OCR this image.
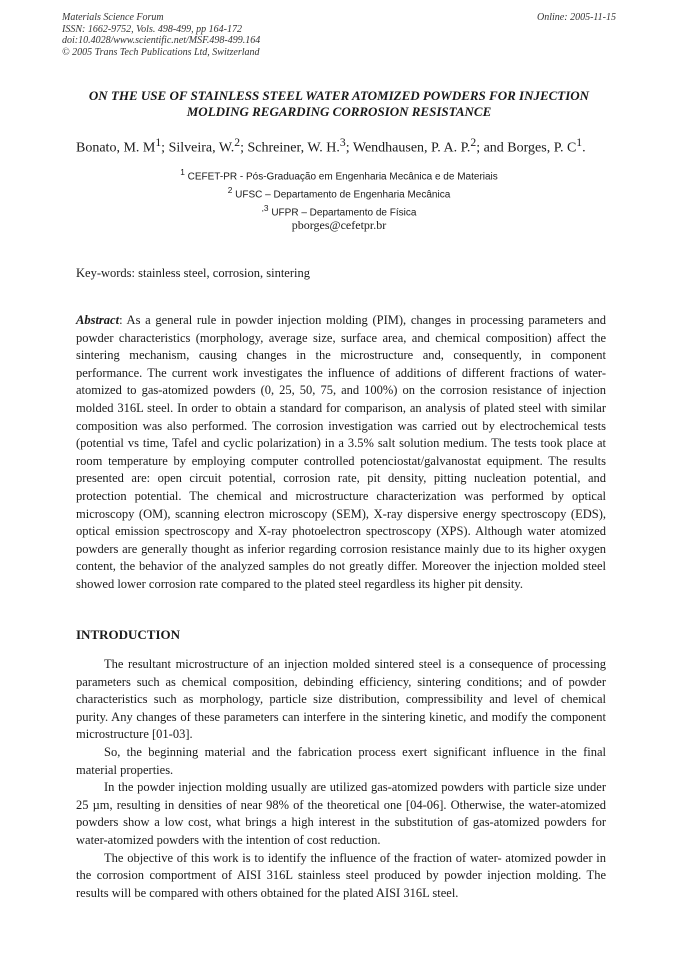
Materials Science Forum
ISSN: 1662-9752, Vols. 498-499, pp 164-172
doi:10.4028/www.scientific.net/MSF.498-499.164
© 2005 Trans Tech Publications Ltd, Switzerland
Online: 2005-11-15
ON THE USE OF STAINLESS STEEL WATER ATOMIZED POWDERS FOR INJECTION MOLDING REGARDING CORROSION RESISTANCE
Bonato, M. $M^1$; Silveira, W.$^2$; Schreiner, W. H.$^3$; Wendhausen, P. A. P.$^2$; and Borges, P. $C^1$.
$^1$ CEFET-PR - Pós-Graduação em Engenharia Mecânica e de Materiais
$^2$ UFSC – Departamento de Engenharia Mecânica
$^{,3}$ UFPR – Departamento de Física
pborges@cefetpr.br
Key-words: stainless steel, corrosion, sintering
Abstract: As a general rule in powder injection molding (PIM), changes in processing parameters and powder characteristics (morphology, average size, surface area, and chemical composition) affect the sintering mechanism, causing changes in the microstructure and, consequently, in component performance. The current work investigates the influence of additions of different fractions of water-atomized to gas-atomized powders (0, 25, 50, 75, and 100%) on the corrosion resistance of injection molded 316L steel. In order to obtain a standard for comparison, an analysis of plated steel with similar composition was also performed. The corrosion investigation was carried out by electrochemical tests (potential vs time, Tafel and cyclic polarization) in a 3.5% salt solution medium. The tests took place at room temperature by employing computer controlled potenciostat/galvanostat equipment. The results presented are: open circuit potential, corrosion rate, pit density, pitting nucleation potential, and protection potential. The chemical and microstructure characterization was performed by optical microscopy (OM), scanning electron microscopy (SEM), X-ray dispersive energy spectroscopy (EDS), optical emission spectroscopy and X-ray photoelectron spectroscopy (XPS). Although water atomized powders are generally thought as inferior regarding corrosion resistance mainly due to its higher oxygen content, the behavior of the analyzed samples do not greatly differ. Moreover the injection molded steel showed lower corrosion rate compared to the plated steel regardless its higher pit density.
INTRODUCTION

The resultant microstructure of an injection molded sintered steel is a consequence of processing parameters such as chemical composition, debinding efficiency, sintering conditions; and of powder characteristics such as morphology, particle size distribution, compressibility and level of chemical purity. Any changes of these parameters can interfere in the sintering kinetic, and modify the component microstructure [01-03].

So, the beginning material and the fabrication process exert significant influence in the final material properties.

In the powder injection molding usually are utilized gas-atomized powders with particle size under 25 µm, resulting in densities of near 98% of the theoretical one [04-06]. Otherwise, the water-atomized powders show a low cost, what brings a high interest in the substitution of gas-atomized powders for water-atomized powders with the intention of cost reduction.

The objective of this work is to identify the influence of the fraction of water- atomized powder in the corrosion comportment of AISI 316L stainless steel produced by powder injection molding. The results will be compared with others obtained for the plated AISI 316L steel.
